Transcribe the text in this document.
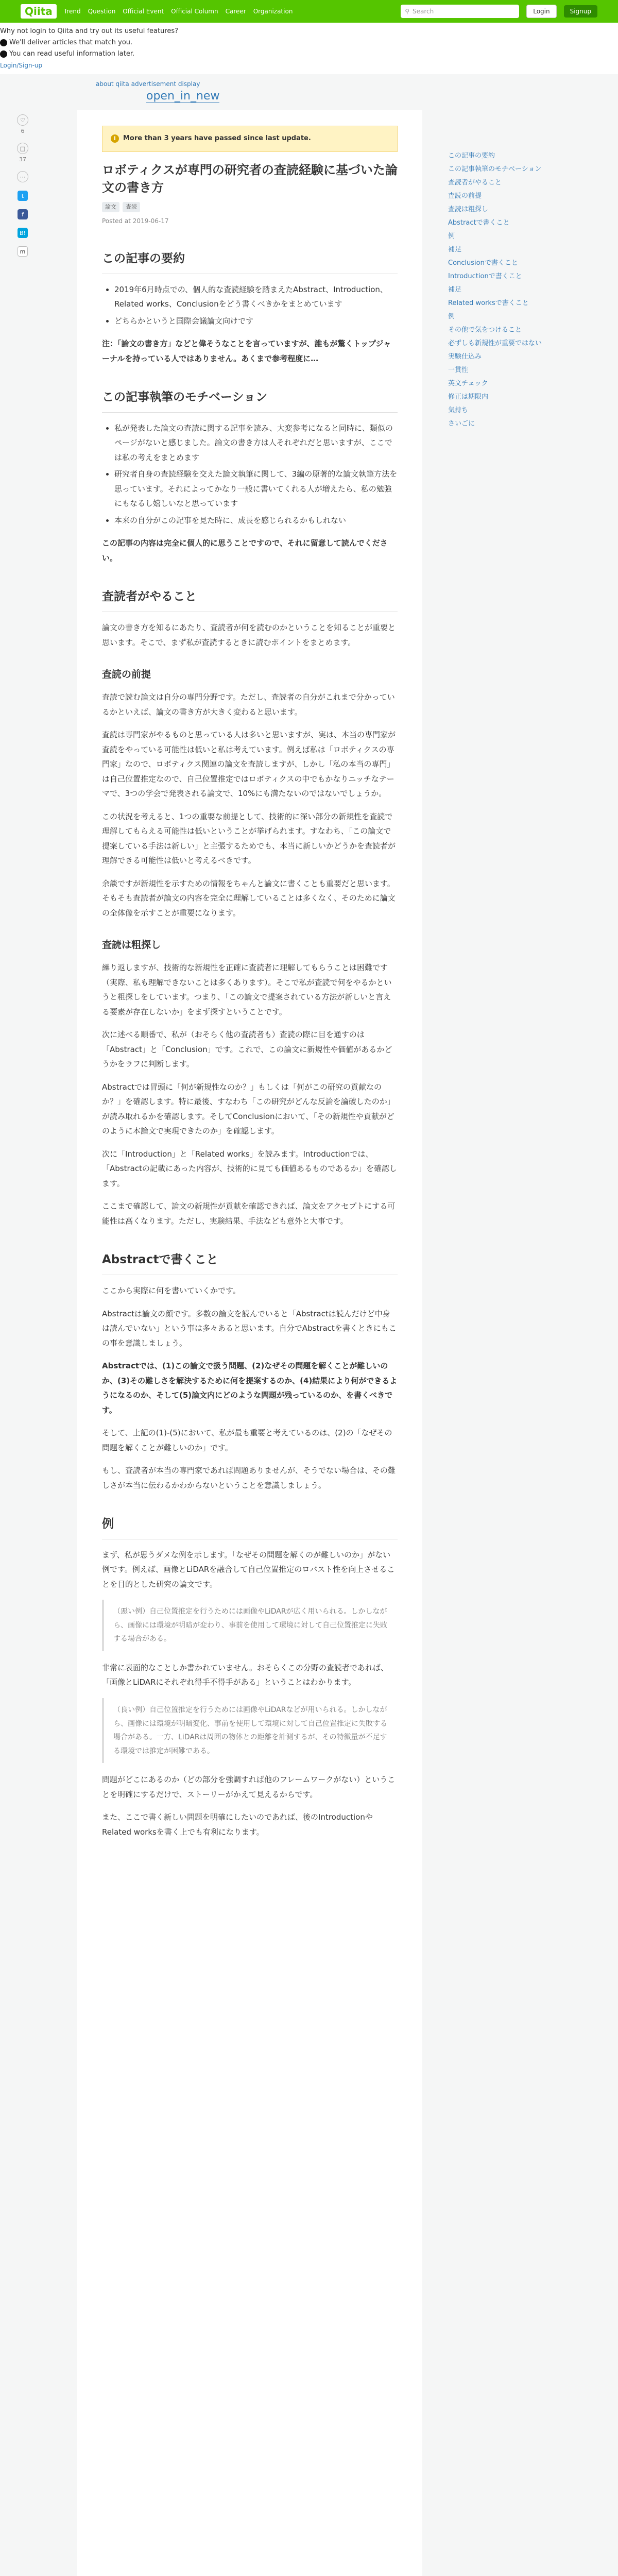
Qiita	Trend Question Official Event Official Column Career Organization	⚲ Search	Login	Signup
Why not login to Qiita and try out its useful features?
We'll deliver articles that match you.
You can read useful information later.
Login/Sign-up
about qiita advertisement display
open_in_new
♡
6
□
37
⋯
t
f
B!
m
i	More than 3 years have passed since last update.
ロボティクスが専門の研究者の査読経験に基づいた論文の書き方
論文	査読
Posted at 2019-06-17
この記事の要約
• 2019年6月時点での、個人的な査読経験を踏まえたAbstract、Introduction、Related works、Conclusionをどう書くべきかをまとめています
• どちらかというと国際会議論文向けです

注：「論文の書き方」などと偉そうなことを言っていますが、誰もが驚くトップジャーナルを持っている人ではありません。あくまで参考程度に…

この記事執筆のモチベーション
• 私が発表した論文の査読に関する記事を読み、大変参考になると同時に、類似のページがないと感じました。論文の書き方は人それぞれだと思いますが、ここでは私の考えをまとめます
• 研究者自身の査読経験を交えた論文執筆に関して、3編の原著的な論文執筆方法を思っています。それによってかなり一般に書いてくれる人が増えたら、私の勉強にもなるし嬉しいなと思っています
• 本来の自分がこの記事を見た時に、成長を感じられるかもしれない

この記事の内容は完全に個人的に思うことですので、それに留意して読んでください。

査読者がやること

論文の書き方を知るにあたり、査読者が何を読むのかということを知ることが重要と思います。そこで、まず私が査読するときに読むポイントをまとめます。

査読の前提

査読で読む論文は自分の専門分野です。ただし、査読者の自分がこれまで分かっているかといえば、論文の書き方が大きく変わると思います。

査読は専門家がやるものと思っている人は多いと思いますが、実は、本当の専門家が査読をやっている可能性は低いと私は考えています。例えば私は「ロボティクスの専門家」なので、ロボティクス関連の論文を査読しますが、しかし「私の本当の専門」は自己位置推定なので、自己位置推定ではロボティクスの中でもかなりニッチなテーマで、3つの学会で発表される論文で、10%にも満たないのではないでしょうか。

この状況を考えると、1つの重要な前提として、技術的に深い部分の新規性を査読で理解してもらえる可能性は低いということが挙げられます。すなわち、「この論文で提案している手法は新しい」と主張するためでも、本当に新しいかどうかを査読者が理解できる可能性は低いと考えるべきです。

余談ですが新規性を示すための情報をちゃんと論文に書くことも重要だと思います。そもそも査読者が論文の内容を完全に理解していることは多くなく、そのために論文の全体像を示すことが重要になります。

査読は粗探し

繰り返しますが、技術的な新規性を正確に査読者に理解してもらうことは困難です（実際、私も理解できないことは多くあります）。そこで私が査読で何をやるかというと粗探しをしています。つまり、「この論文で提案されている方法が新しいと言える要素が存在しないか」をまず探すということです。

次に述べる順番で、私が（おそらく他の査読者も）査読の際に目を通すのは「Abstract」と「Conclusion」です。これで、この論文に新規性や価値があるかどうかをラフに判断します。

Abstractでは冒頭に「何が新規性なのか？」もしくは「何がこの研究の貢献なのか？」を確認します。特に最後、すなわち「この研究がどんな反論を論破したのか」が読み取れるかを確認します。そしてConclusionにおいて、「その新規性や貢献がどのように本論文で実現できたのか」を確認します。

次に「Introduction」と「Related works」を読みます。Introductionでは、「Abstractの記載にあった内容が、技術的に見ても価値あるものであるか」を確認します。

ここまで確認して、論文の新規性が貢献を確認できれば、論文をアクセプトにする可能性は高くなります。ただし、実験結果、手法なども意外と大事です。

Abstractで書くこと

ここから実際に何を書いていくかです。

Abstractは論文の顔です。多数の論文を読んでいると「Abstractは読んだけど中身は読んでいない」という事は多々あると思います。自分でAbstractを書くときにもこの事を意識しましょう。

Abstractでは、(1)この論文で扱う問題、(2)なぜその問題を解くことが難しいのか、(3)その難しさを解決するために何を提案するのか、(4)結果により何ができるようになるのか、そして(5)論文内にどのような問題が残っているのか、を書くべきです。

そして、上記の(1)-(5)において、私が最も重要と考えているのは、(2)の「なぜその問題を解くことが難しいのか」です。

もし、査読者が本当の専門家であれば問題ありませんが、そうでない場合は、その難しさが本当に伝わるかわからないということを意識しましょう。

例

まず、私が思うダメな例を示します。「なぜその問題を解くのが難しいのか」がない例です。例えば、画像とLiDARを融合して自己位置推定のロバスト性を向上させることを目的とした研究の論文です。

（悪い例）自己位置推定を行うためには画像やLiDARが広く用いられる。しかしながら、画像には環境が明暗が変わり、事前を使用して環境に対して自己位置推定に失敗する場合がある。

非常に表面的なことしか書かれていません。おそらくこの分野の査読者であれば、「画像とLiDARにそれぞれ得手不得手がある」ということはわかります。

（良い例）自己位置推定を行うためには画像やLiDARなどが用いられる。しかしながら、画像には環境が明暗変化、事前を使用して環境に対して自己位置推定に失敗する場合がある。一方、LiDARは周囲の物体との距離を計測するが、その特徴量が不足する環境では推定が困難である。

問題がどこにあるのか（どの部分を強調すれば他のフレームワークがない）ということを明確にするだけで、ストーリーがかえて見えるからです。

また、ここで書く新しい問題を明確にしたいのであれば、後のIntroductionやRelated worksを書く上でも有利になります。

この記事の要約
この記事執筆のモチベーション
査読者がやること
査読の前提
査読は粗探し
Abstractで書くこと
例
補足
Conclusionで書くこと
Introductionで書くこと
補足
Related worksで書くこと
例
その他で気をつけること
必ずしも新規性が重要ではない
実験仕込み
一貫性
英文チェック
修正は期限内
気持ち
さいごに
